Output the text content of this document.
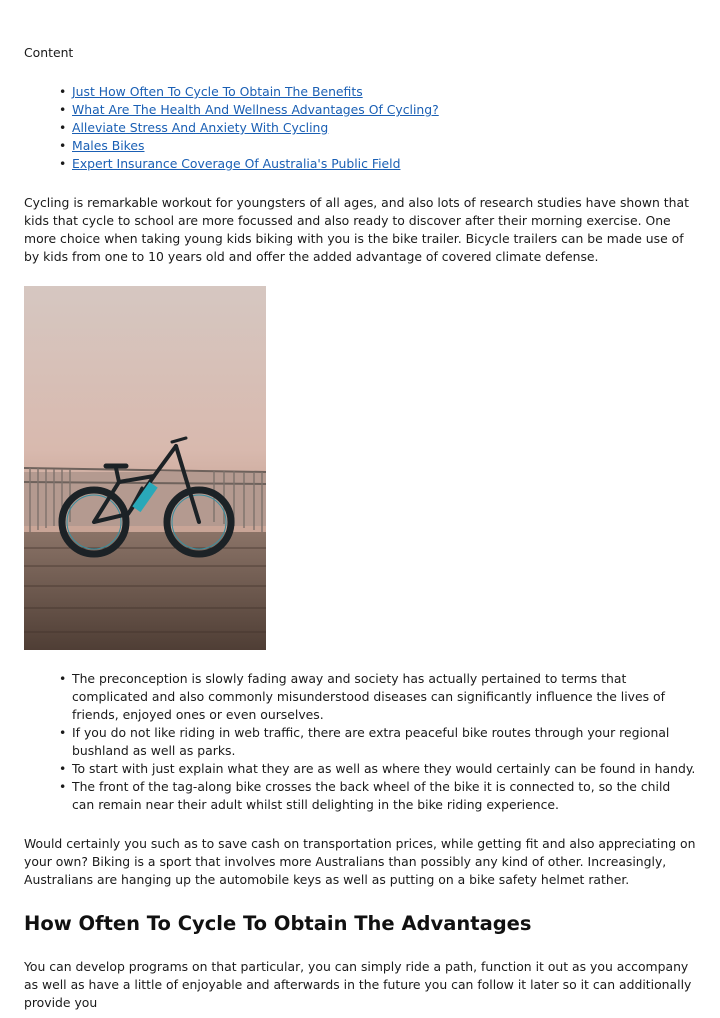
Content

• Just How Often To Cycle To Obtain The Benefits
• What Are The Health And Wellness Advantages Of Cycling?
• Alleviate Stress And Anxiety With Cycling
• Males Bikes
• Expert Insurance Coverage Of Australia's Public Field

Cycling is remarkable workout for youngsters of all ages, and also lots of research studies have shown that kids that cycle to school are more focussed and also ready to discover after their morning exercise. One more choice when taking young kids biking with you is the bike trailer. Bicycle trailers can be made use of by kids from one to 10 years old and offer the added advantage of covered climate defense.

• The preconception is slowly fading away and society has actually pertained to terms that complicated and also commonly misunderstood diseases can significantly influence the lives of friends, enjoyed ones or even ourselves.
• If you do not like riding in web traffic, there are extra peaceful bike routes through your regional bushland as well as parks.
• To start with just explain what they are as well as where they would certainly can be found in handy.
• The front of the tag-along bike crosses the back wheel of the bike it is connected to, so the child can remain near their adult whilst still delighting in the bike riding experience.

Would certainly you such as to save cash on transportation prices, while getting fit and also appreciating on your own? Biking is a sport that involves more Australians than possibly any kind of other. Increasingly, Australians are hanging up the automobile keys as well as putting on a bike safety helmet rather.

How Often To Cycle To Obtain The Advantages

You can develop programs on that particular, you can simply ride a path, function it out as you accompany as well as have a little of enjoyable and afterwards in the future you can follow it later so it can additionally provide you
